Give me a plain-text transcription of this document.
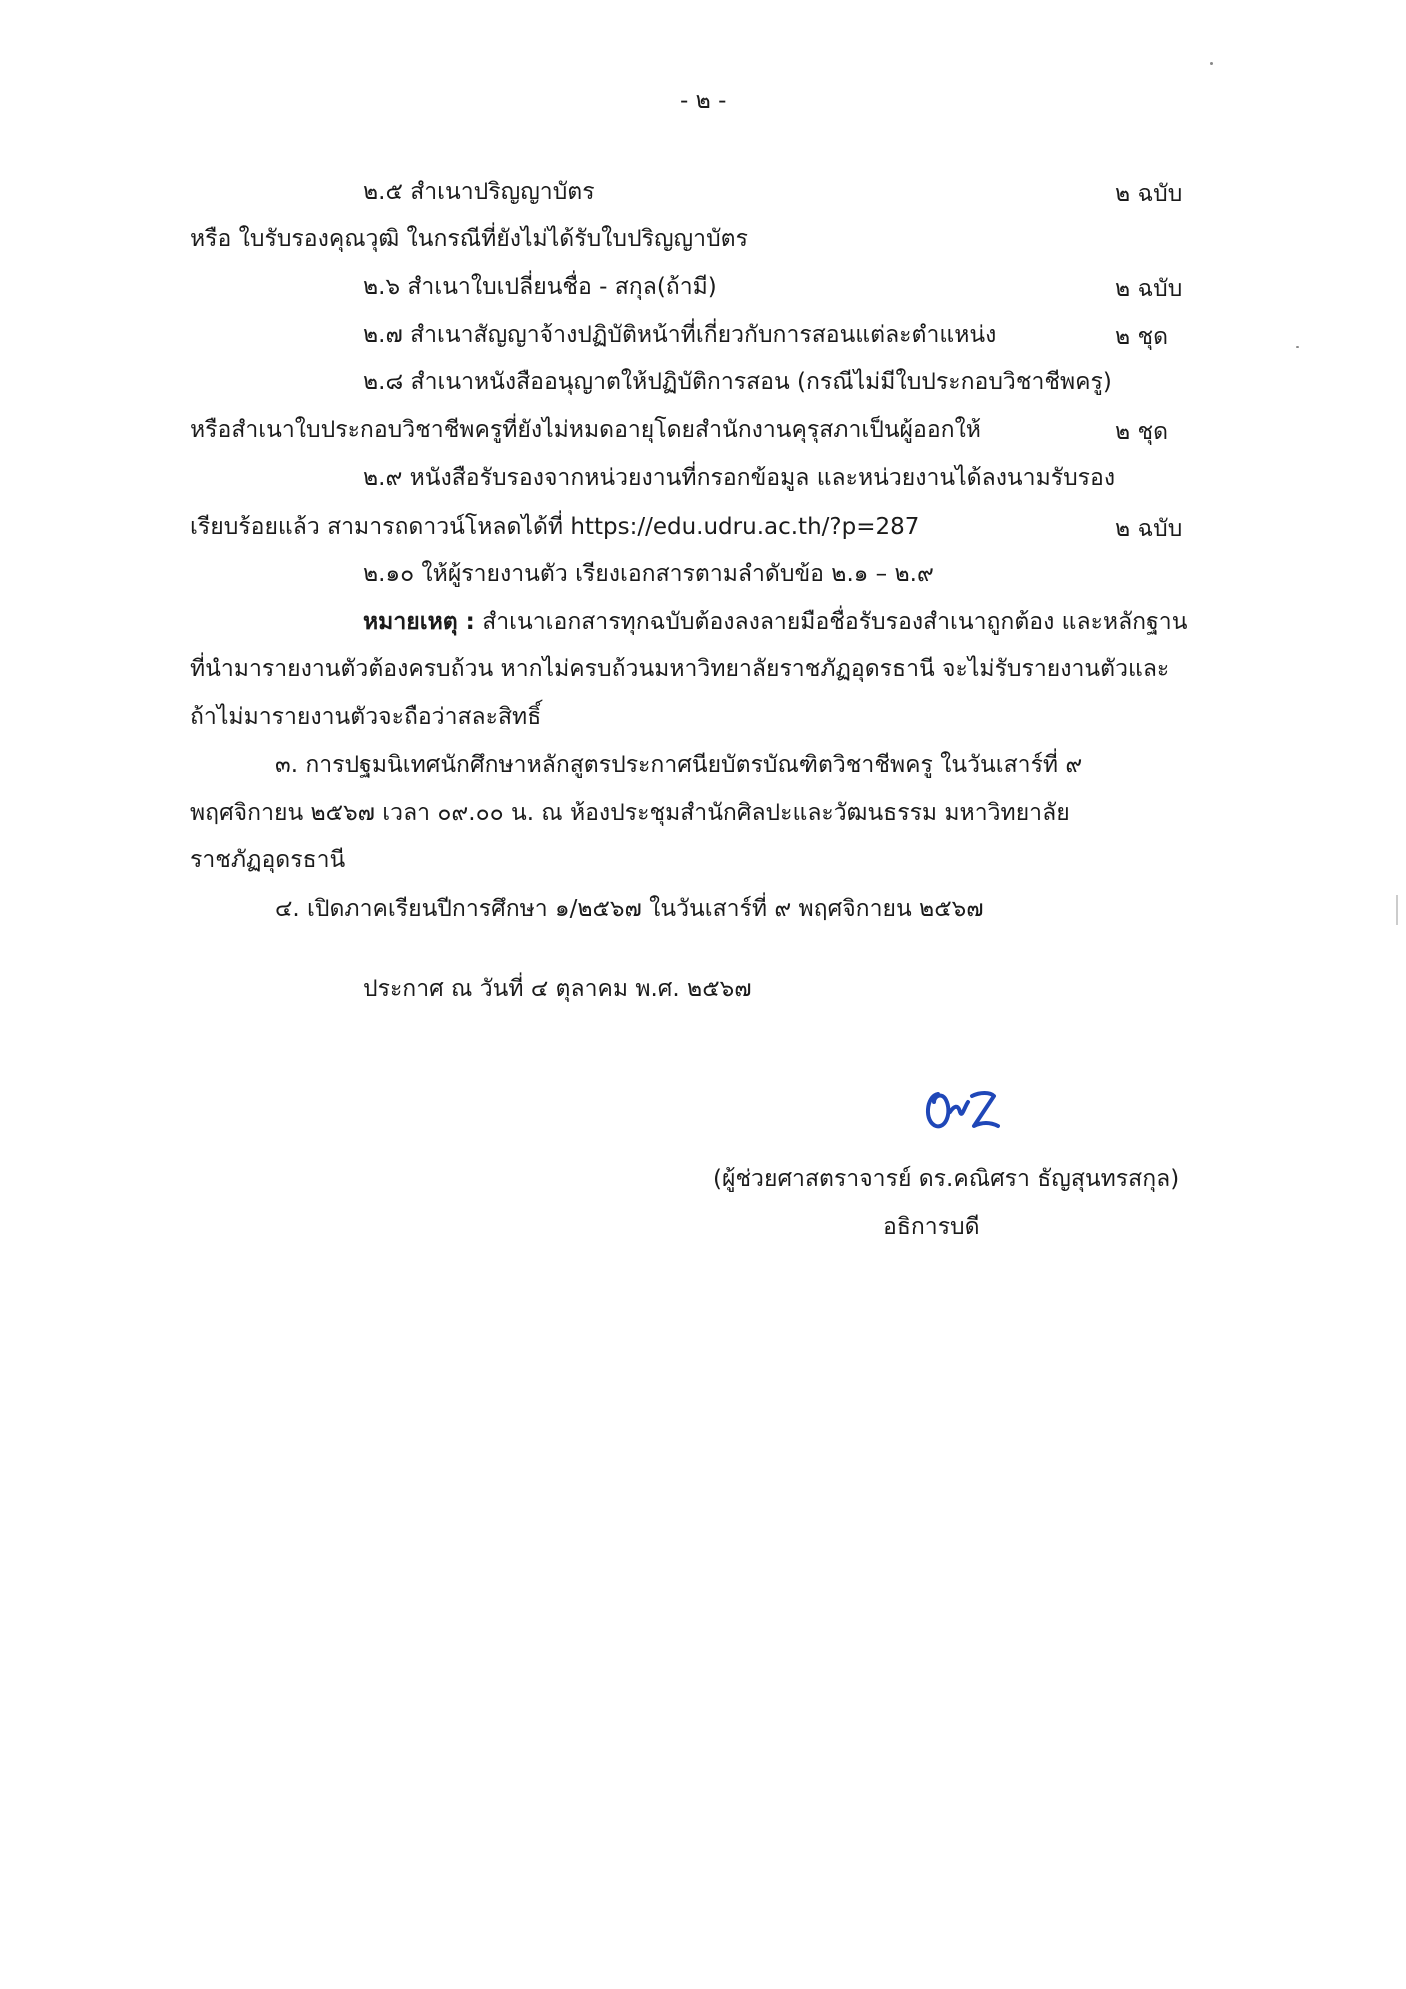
- ๒ -
๒.๕ สำเนาปริญญาบัตร	๒ ฉบับ
หรือ ใบรับรองคุณวุฒิ ในกรณีที่ยังไม่ได้รับใบปริญญาบัตร
๒.๖ สำเนาใบเปลี่ยนชื่อ - สกุล(ถ้ามี)	๒ ฉบับ
๒.๗ สำเนาสัญญาจ้างปฏิบัติหน้าที่เกี่ยวกับการสอนแต่ละตำแหน่ง	๒ ชุด
๒.๘ สำเนาหนังสืออนุญาตให้ปฏิบัติการสอน (กรณีไม่มีใบประกอบวิชาชีพครู)
หรือสำเนาใบประกอบวิชาชีพครูที่ยังไม่หมดอายุโดยสำนักงานคุรุสภาเป็นผู้ออกให้	๒ ชุด
๒.๙ หนังสือรับรองจากหน่วยงานที่กรอกข้อมูล และหน่วยงานได้ลงนามรับรอง
เรียบร้อยแล้ว สามารถดาวน์โหลดได้ที่ https://edu.udru.ac.th/?p=287	๒ ฉบับ
๒.๑๐ ให้ผู้รายงานตัว เรียงเอกสารตามลำดับข้อ ๒.๑ – ๒.๙
หมายเหตุ : สำเนาเอกสารทุกฉบับต้องลงลายมือชื่อรับรองสำเนาถูกต้อง และหลักฐาน
ที่นำมารายงานตัวต้องครบถ้วน หากไม่ครบถ้วนมหาวิทยาลัยราชภัฏอุดรธานี จะไม่รับรายงานตัวและ
ถ้าไม่มารายงานตัวจะถือว่าสละสิทธิ์
๓. การปฐมนิเทศนักศึกษาหลักสูตรประกาศนียบัตรบัณฑิตวิชาชีพครู ในวันเสาร์ที่ ๙
พฤศจิกายน ๒๕๖๗ เวลา ๐๙.๐๐ น. ณ ห้องประชุมสำนักศิลปะและวัฒนธรรม มหาวิทยาลัย
ราชภัฏอุดรธานี
๔. เปิดภาคเรียนปีการศึกษา ๑/๒๕๖๗ ในวันเสาร์ที่ ๙ พฤศจิกายน ๒๕๖๗
ประกาศ ณ วันที่ ๔ ตุลาคม พ.ศ. ๒๕๖๗
(ผู้ช่วยศาสตราจารย์ ดร.คณิศรา ธัญสุนทรสกุล)
อธิการบดี
